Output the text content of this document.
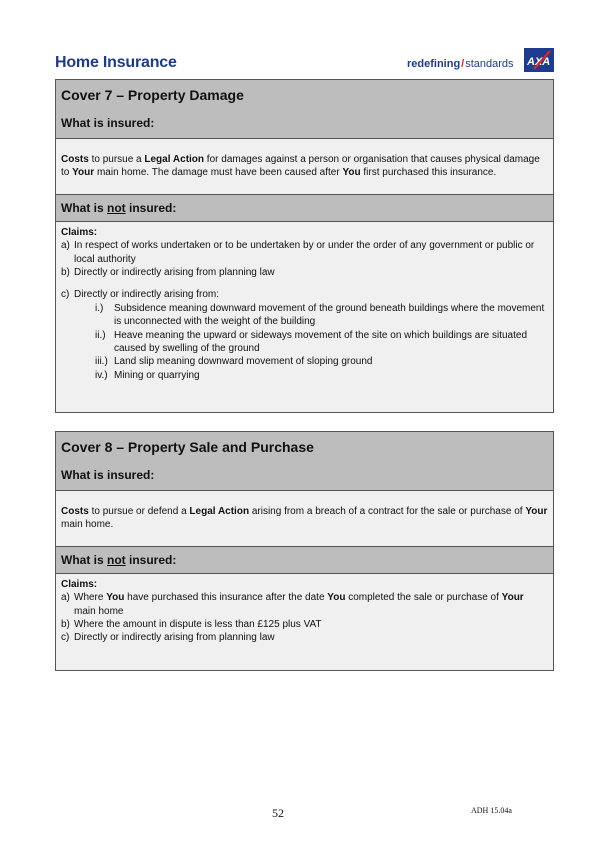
Home Insurance	redefining/standards AXA
Cover 7 – Property Damage
What is insured:
Costs to pursue a Legal Action for damages against a person or organisation that causes physical damage to Your main home. The damage must have been caused after You first purchased this insurance.
What is not insured:
Claims:
a) In respect of works undertaken or to be undertaken by or under the order of any government or public or local authority
b) Directly or indirectly arising from planning law
c) Directly or indirectly arising from:
i.)	Subsidence meaning downward movement of the ground beneath buildings where the movement is unconnected with the weight of the building
ii.) Heave meaning the upward or sideways movement of the site on which buildings are situated caused by swelling of the ground
iii.) Land slip meaning downward movement of sloping ground
iv.) Mining or quarrying
Cover 8 – Property Sale and Purchase
What is insured:
Costs to pursue or defend a Legal Action arising from a breach of a contract for the sale or purchase of Your main home.
What is not insured:
Claims:
a) Where You have purchased this insurance after the date You completed the sale or purchase of Your main home
b) Where the amount in dispute is less than £125 plus VAT
c) Directly or indirectly arising from planning law
52	ADH 15.04a
